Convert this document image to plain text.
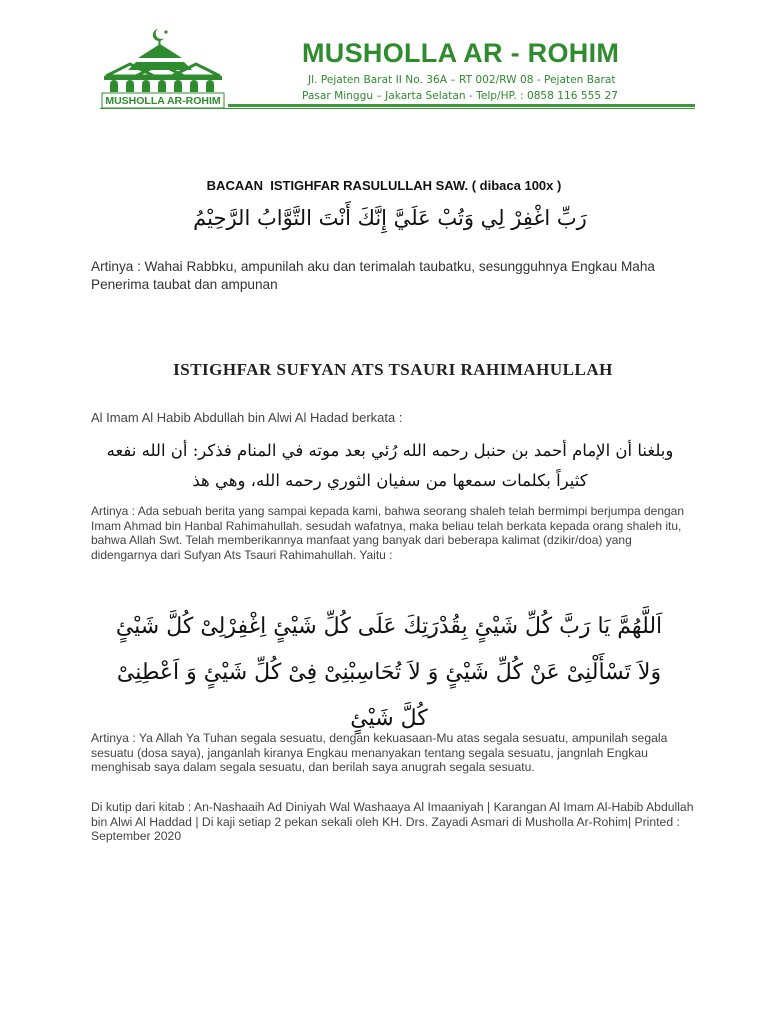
MUSHOLLA AR-ROHIM
MUSHOLLA AR - ROHIM
Jl. Pejaten Barat II No. 36A – RT 002/RW 08 - Pejaten Barat
Pasar Minggu – Jakarta Selatan - Telp/HP. : 0858 116 555 27
BACAAN  ISTIGHFAR RASULULLAH SAW. ( dibaca 100x )
رَبِّ اغْفِرْ لِي وَتُبْ عَلَيَّ إِنَّكَ أَنْتَ التَّوَّابُ الرَّحِيْمُ
Artinya : Wahai Rabbku, ampunilah aku dan terimalah taubatku, sesungguhnya Engkau Maha Penerima taubat dan ampunan
ISTIGHFAR SUFYAN ATS TSAURI RAHIMAHULLAH
Al Imam Al Habib Abdullah bin Alwi Al Hadad berkata :
وبلغنا أن الإمام أحمد بن حنبل رحمه الله رُئي بعد موته في المنام فذكر: أن الله نفعه كثيراً بكلمات سمعها من سفيان الثوري رحمه الله، وهي هذ
Artinya : Ada sebuah berita yang sampai kepada kami, bahwa seorang shaleh telah bermimpi berjumpa dengan Imam Ahmad bin Hanbal Rahimahullah. sesudah wafatnya, maka beliau telah berkata kepada orang shaleh itu, bahwa Allah Swt. Telah memberikannya manfaat yang banyak dari beberapa kalimat (dzikir/doa) yang didengarnya dari Sufyan Ats Tsauri Rahimahullah. Yaitu :
اَللَّهُمَّ يَا رَبَّ كُلِّ شَيْئٍ بِقُدْرَتِكَ عَلَى كُلِّ شَيْئٍ اِغْفِرْلِىْ كُلَّ شَيْئٍ
وَلاَ تَسْأَلْنِىْ عَنْ كُلِّ شَيْئٍ وَ لاَ تُحَاسِبْنِىْ فِىْ كُلِّ شَيْئٍ وَ اَعْطِنِىْ كُلَّ شَيْئٍ
Artinya : Ya Allah Ya Tuhan segala sesuatu, dengan kekuasaan-Mu atas segala sesuatu, ampunilah segala sesuatu (dosa saya), janganlah kiranya Engkau menanyakan tentang segala sesuatu, jangnlah Engkau menghisab saya dalam segala sesuatu, dan berilah saya anugrah segala sesuatu.
Di kutip dari kitab : An-Nashaaih Ad Diniyah Wal Washaaya Al Imaaniyah | Karangan Al Imam Al-Habib Abdullah bin Alwi Al Haddad | Di kaji setiap 2 pekan sekali oleh KH. Drs. Zayadi Asmari di Musholla Ar-Rohim| Printed : September 2020
